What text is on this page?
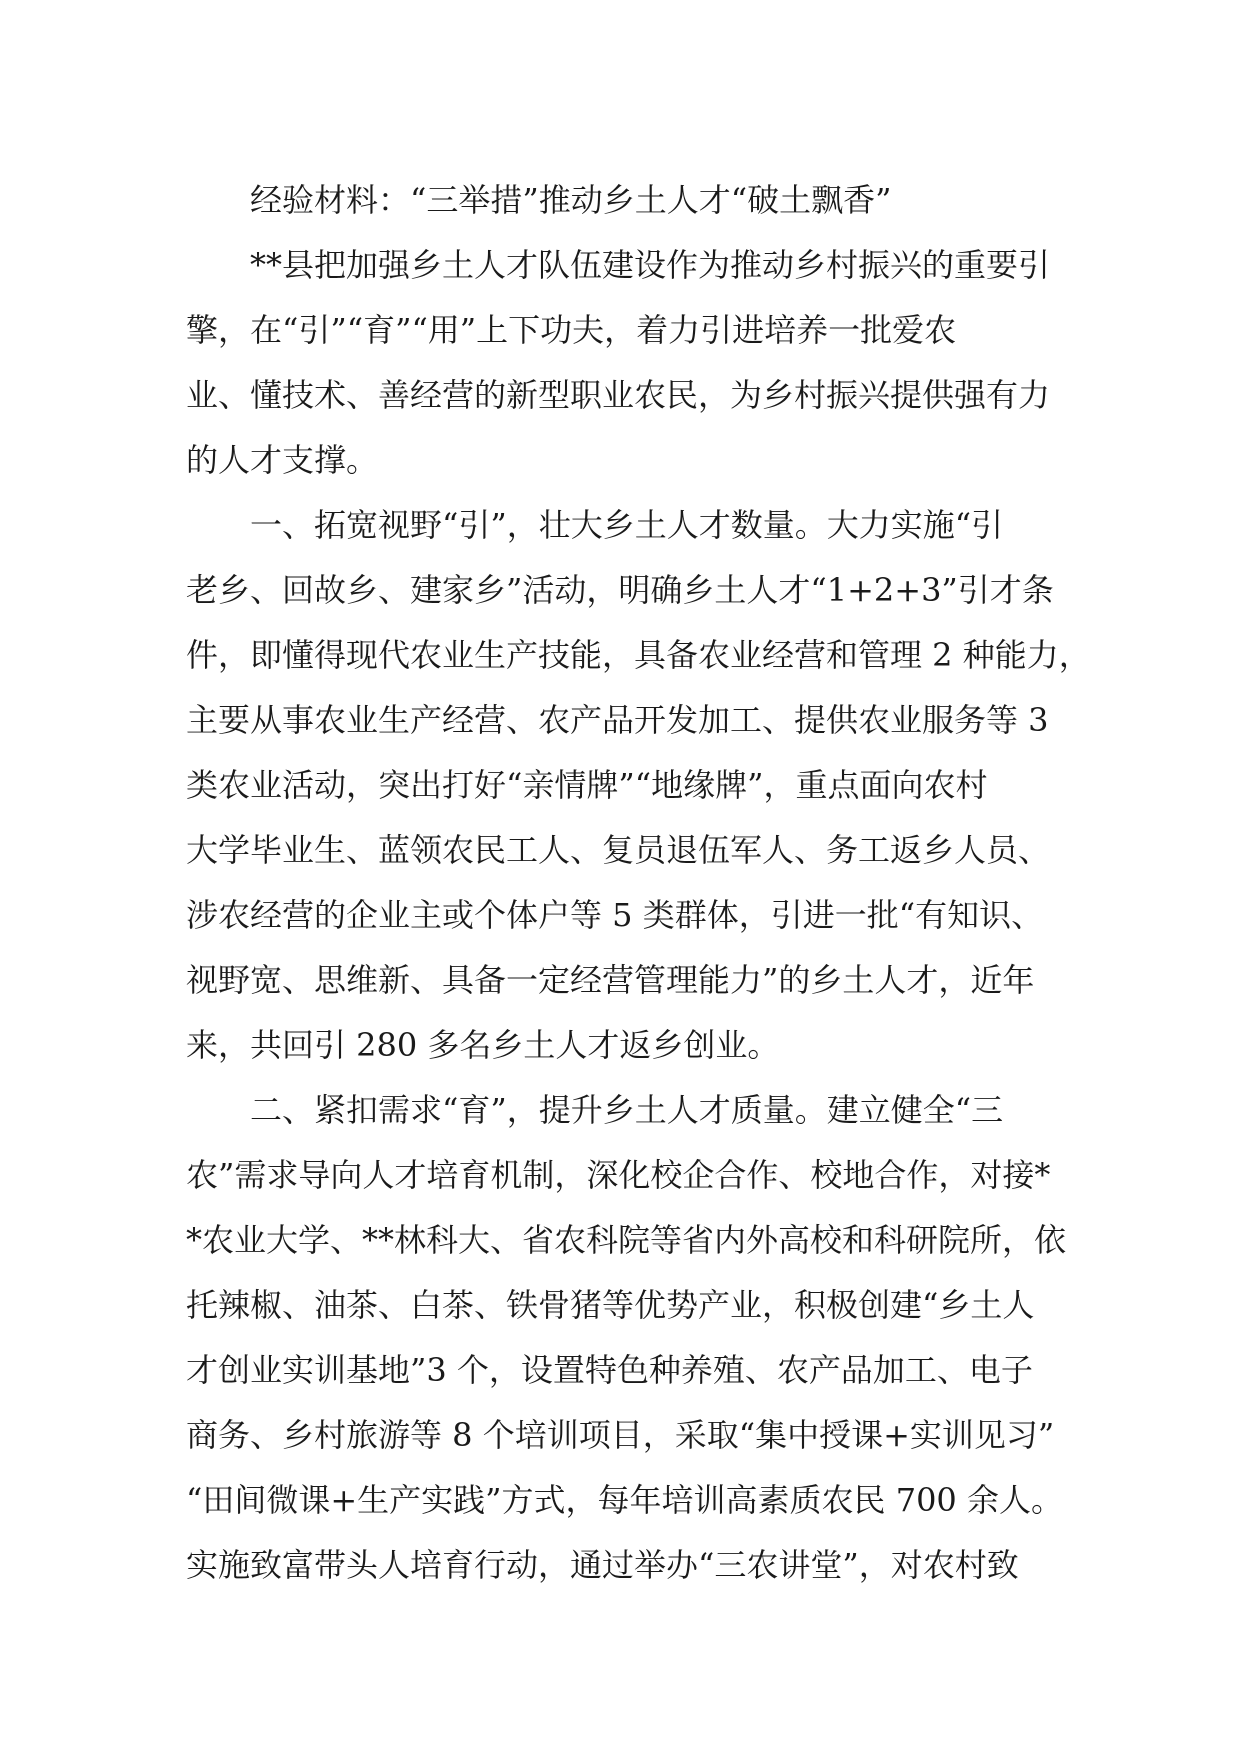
经验材料：“三举措”推动乡土人才“破土飘香”
**县把加强乡土人才队伍建设作为推动乡村振兴的重要引
擎，在“引”“育”“用”上下功夫，着力引进培养一批爱农
业、懂技术、善经营的新型职业农民，为乡村振兴提供强有力
的人才支撑。
一、拓宽视野“引”，壮大乡土人才数量。大力实施“引
老乡、回故乡、建家乡”活动，明确乡土人才“1+2+3”引才条
件，即懂得现代农业生产技能，具备农业经营和管理 2 种能力，
主要从事农业生产经营、农产品开发加工、提供农业服务等 3
类农业活动，突出打好“亲情牌”“地缘牌”，重点面向农村
大学毕业生、蓝领农民工人、复员退伍军人、务工返乡人员、
涉农经营的企业主或个体户等 5 类群体，引进一批“有知识、
视野宽、思维新、具备一定经营管理能力”的乡土人才，近年
来，共回引 280 多名乡土人才返乡创业。
二、紧扣需求“育”，提升乡土人才质量。建立健全“三
农”需求导向人才培育机制，深化校企合作、校地合作，对接*
*农业大学、**林科大、省农科院等省内外高校和科研院所，依
托辣椒、油茶、白茶、铁骨猪等优势产业，积极创建“乡土人
才创业实训基地”3 个，设置特色种养殖、农产品加工、电子
商务、乡村旅游等 8 个培训项目，采取“集中授课+实训见习”
“田间微课+生产实践”方式，每年培训高素质农民 700 余人。
实施致富带头人培育行动，通过举办“三农讲堂”，对农村致
